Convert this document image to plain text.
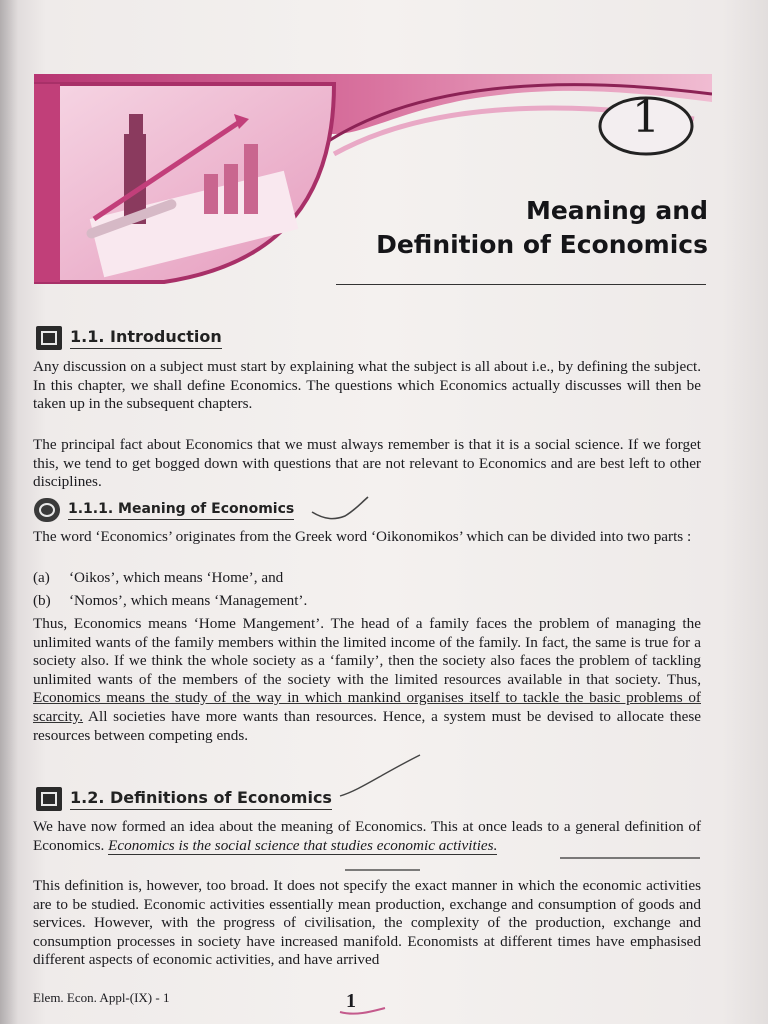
1
Meaning and
Definition of Economics
1.1. Introduction

Any discussion on a subject must start by explaining what the subject is all about i.e., by defining the subject. In this chapter, we shall define Economics. The questions which Economics actually discusses will then be taken up in the subsequent chapters.

The principal fact about Economics that we must always remember is that it is a social science. If we forget this, we tend to get bogged down with questions that are not relevant to Economics and are best left to other disciplines.

1.1.1. Meaning of Economics

The word ‘Economics’ originates from the Greek word ‘Oikonomikos’ which can be divided into two parts :

(a) ‘Oikos’, which means ‘Home’, and
(b) ‘Nomos’, which means ‘Management’.

Thus, Economics means ‘Home Mangement’. The head of a family faces the problem of managing the unlimited wants of the family members within the limited income of the family. In fact, the same is true for a society also. If we think the whole society as a ‘family’, then the society also faces the problem of tackling unlimited wants of the members of the society with the limited resources available in that society. Thus, Economics means the study of the way in which mankind organises itself to tackle the basic problems of scarcity. All societies have more wants than resources. Hence, a system must be devised to allocate these resources between competing ends.

1.2. Definitions of Economics

We have now formed an idea about the meaning of Economics. This at once leads to a general definition of Economics. Economics is the social science that studies economic activities.

This definition is, however, too broad. It does not specify the exact manner in which the economic activities are to be studied. Economic activities essentially mean production, exchange and consumption of goods and services. However, with the progress of civilisation, the complexity of the production, exchange and consumption processes in society have increased manifold. Economists at different times have emphasised different aspects of economic activities, and have arrived

Elem. Econ. Appl-(IX) - 1	1
